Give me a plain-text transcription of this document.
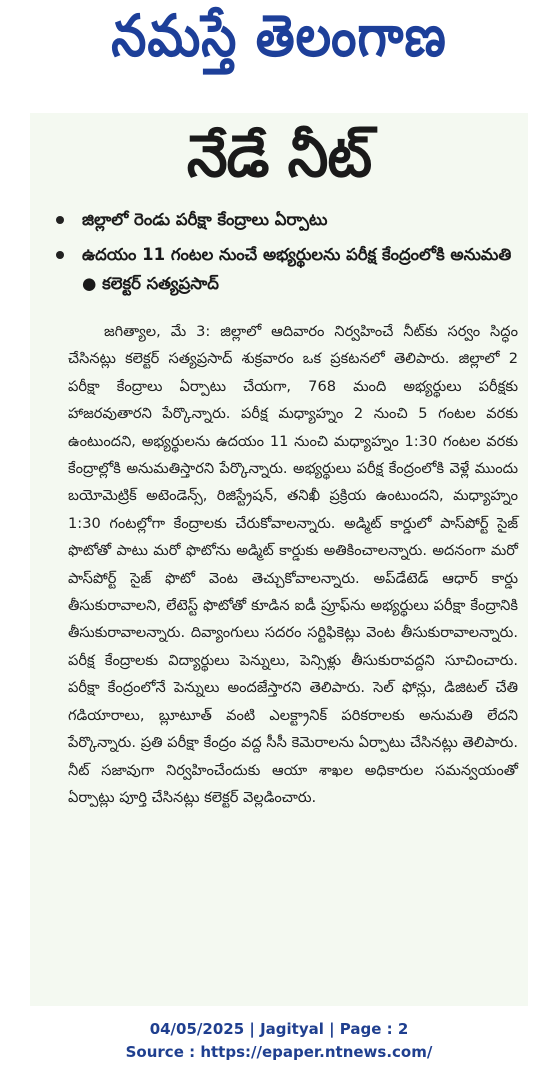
నమస్తే తెలంగాణ
నేడే నీట్
జిల్లాలో రెండు పరీక్షా కేంద్రాలు ఏర్పాటు
ఉదయం 11 గంటల నుంచే అభ్యర్థులను పరీక్ష కేంద్రంలోకి అనుమతి ● కలెక్టర్ సత్యప్రసాద్

జగిత్యాల, మే 3: జిల్లాలో ఆదివారం నిర్వహించే నీట్‌కు సర్వం సిద్ధం చేసినట్లు కలెక్టర్ సత్యప్రసాద్ శుక్రవారం ఒక ప్రకటనలో తెలిపారు. జిల్లాలో 2 పరీక్షా కేంద్రాలు ఏర్పాటు చేయగా, 768 మంది అభ్యర్థులు పరీక్షకు హాజరవుతారని పేర్కొన్నారు. పరీక్ష మధ్యాహ్నం 2 నుంచి 5 గంటల వరకు ఉంటుందని, అభ్యర్థులను ఉదయం 11 నుంచి మధ్యాహ్నం 1:30 గంటల వరకు కేంద్రాల్లోకి అనుమతిస్తారని పేర్కొన్నారు. అభ్యర్థులు పరీక్ష కేంద్రంలోకి వెళ్లే ముందు బయోమెట్రిక్ అటెండెన్స్, రిజిస్ట్రేషన్, తనిఖీ ప్రక్రియ ఉంటుందని, మధ్యాహ్నం 1:30 గంటల్లోగా కేంద్రాలకు చేరుకోవాలన్నారు. అడ్మిట్ కార్డులో పాస్‌పోర్ట్ సైజ్ ఫొటోతో పాటు మరో ఫొటోను అడ్మిట్ కార్డుకు అతికించాలన్నారు. అదనంగా మరో పాస్‌పోర్ట్ సైజ్ ఫొటో వెంట తెచ్చుకోవాలన్నారు. అప్‌డేటెడ్ ఆధార్ కార్డు తీసుకురావాలని, లేటెస్ట్ ఫొటోతో కూడిన ఐడీ ప్రూఫ్‌ను అభ్యర్థులు పరీక్షా కేంద్రానికి తీసుకురావాలన్నారు. దివ్యాంగులు సదరం సర్టిఫికెట్లు వెంట తీసుకురావాలన్నారు. పరీక్ష కేంద్రాలకు విద్యార్థులు పెన్నులు, పెన్సిళ్లు తీసుకురావద్దని సూచించారు. పరీక్షా కేంద్రంలోనే పెన్నులు అందజేస్తారని తెలిపారు. సెల్ ఫోన్లు, డిజిటల్ చేతి గడియారాలు, బ్లూటూత్ వంటి ఎలక్ట్రానిక్ పరికరాలకు అనుమతి లేదని పేర్కొన్నారు. ప్రతి పరీక్షా కేంద్రం వద్ద సీసీ కెమెరాలను ఏర్పాటు చేసినట్లు తెలిపారు. నీట్ సజావుగా నిర్వహించేందుకు ఆయా శాఖల అధికారుల సమన్వయంతో ఏర్పాట్లు పూర్తి చేసినట్లు కలెక్టర్ వెల్లడించారు.

04/05/2025 | Jagityal | Page : 2
Source : https://epaper.ntnews.com/
